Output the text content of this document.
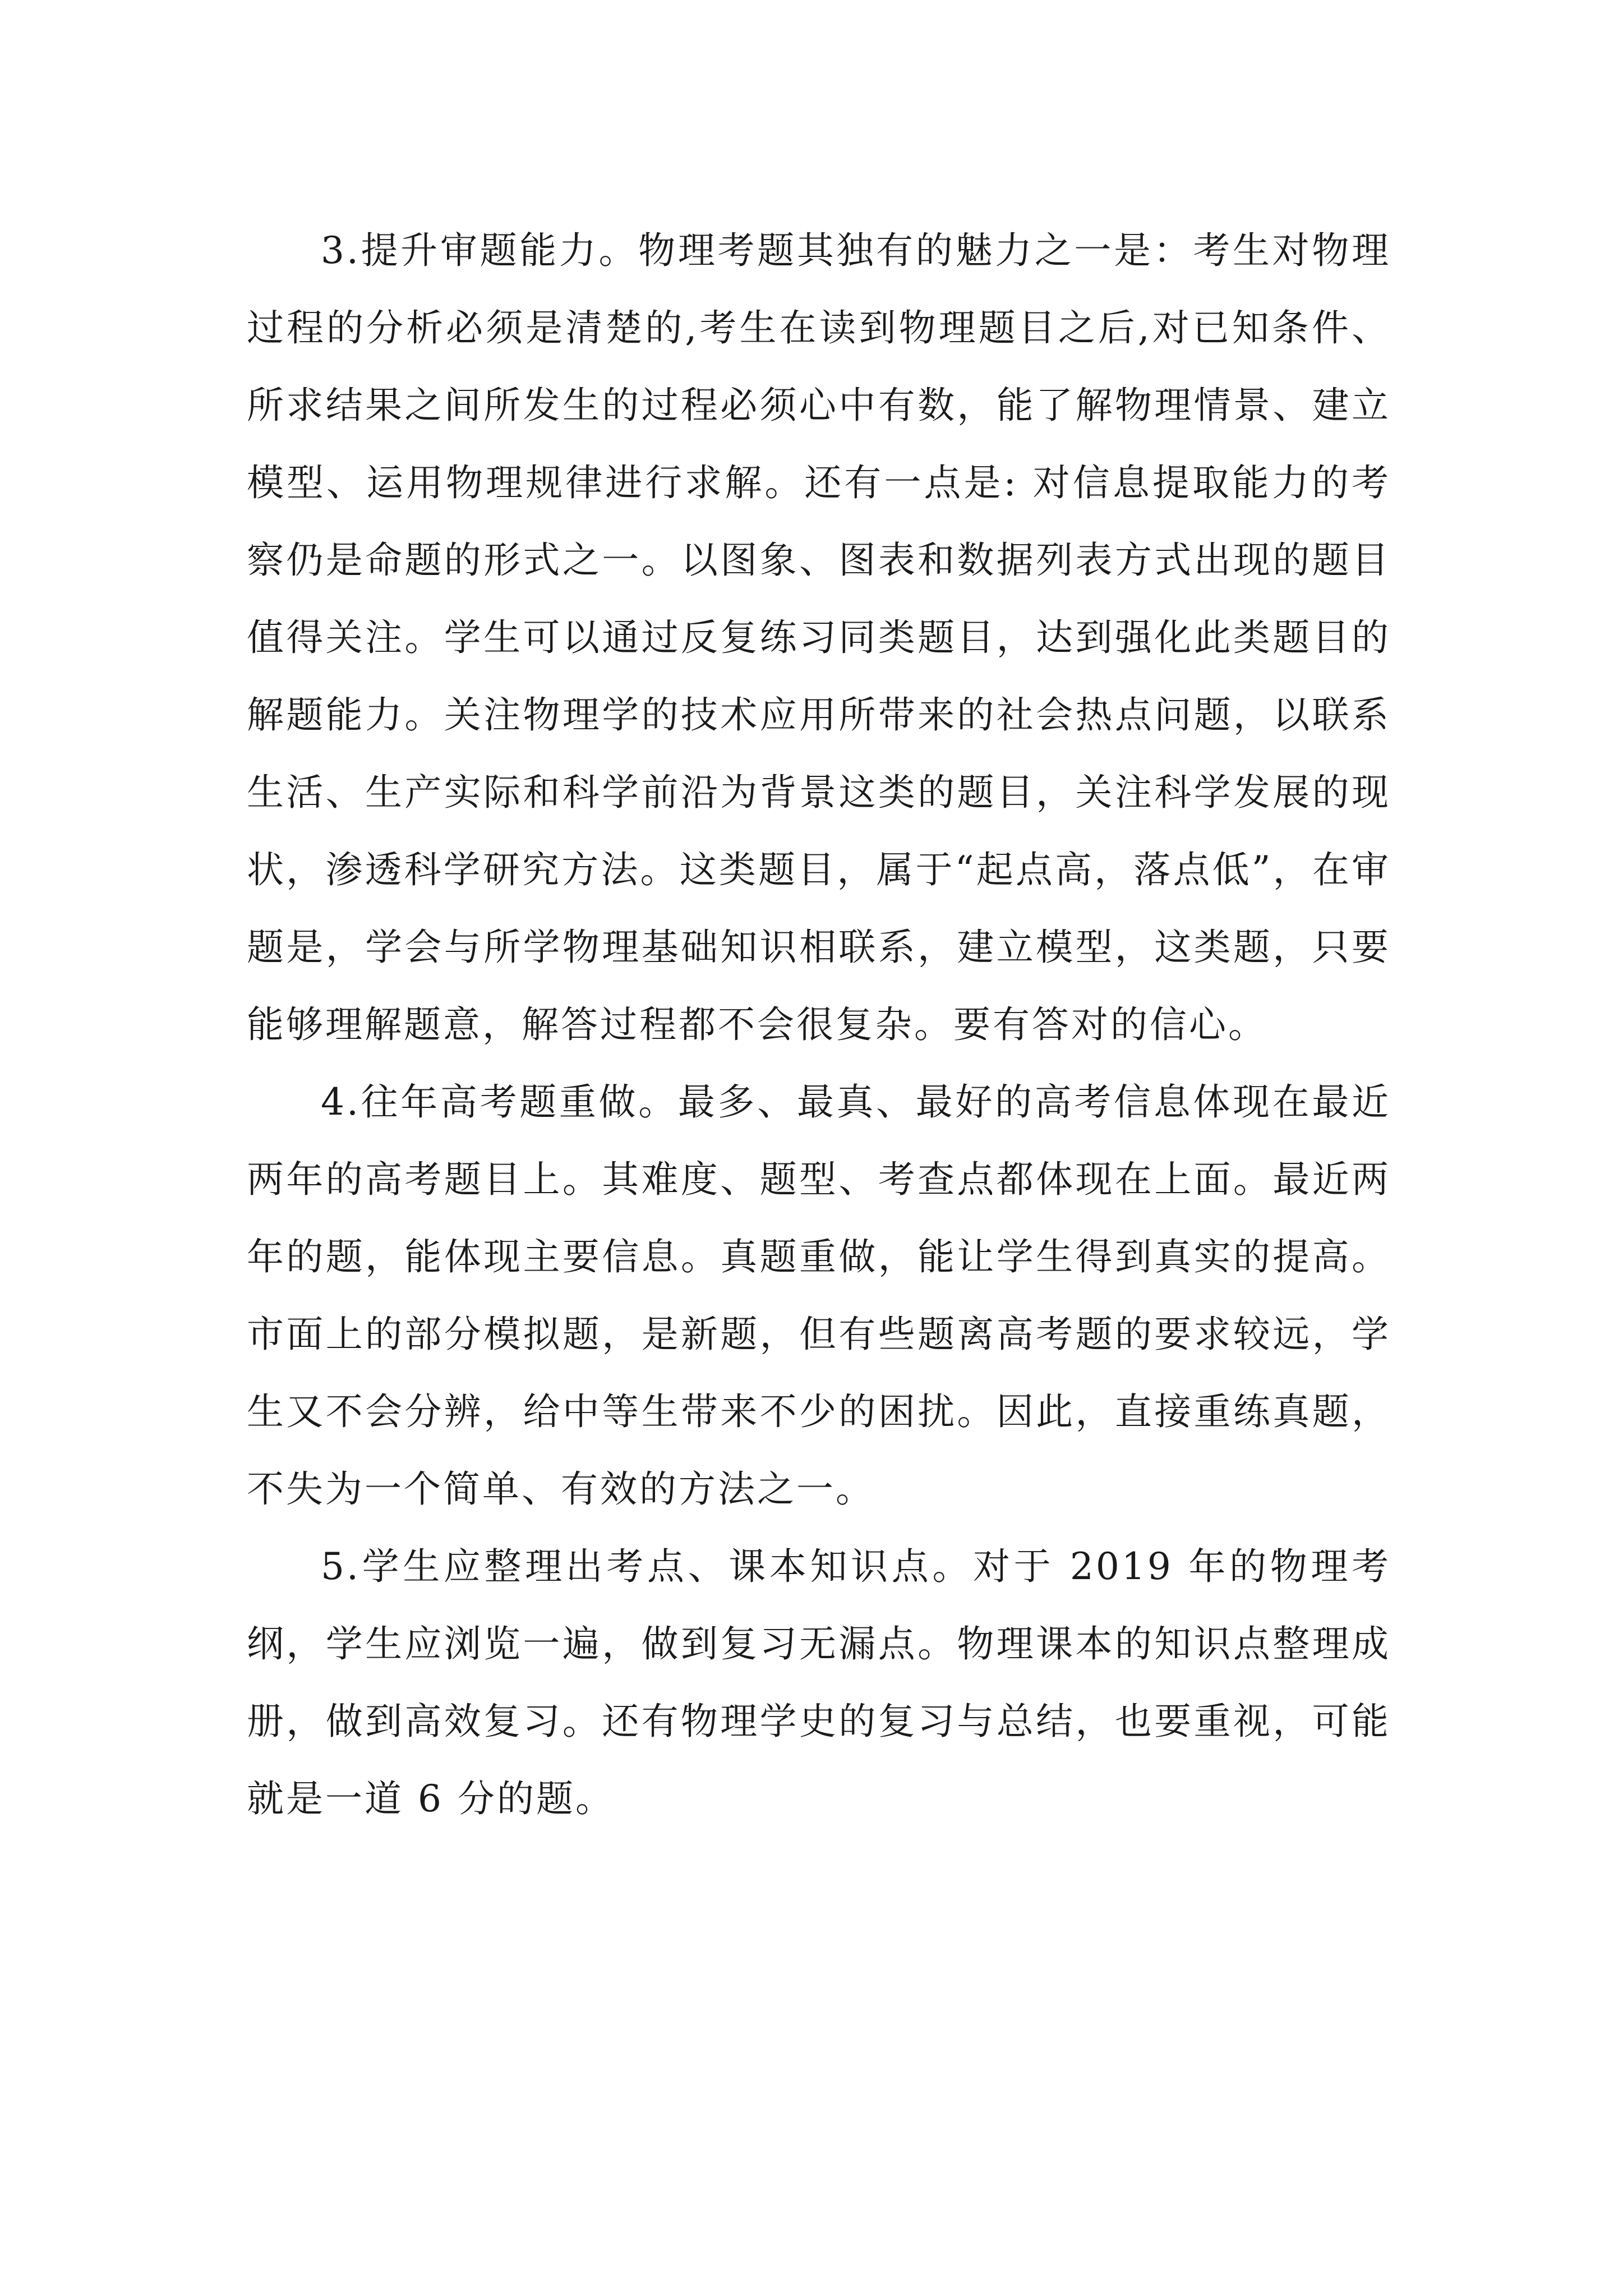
3.提升审题能力。物理考题其独有的魅力之一是：考生对物理过程的分析必须是清楚的,考生在读到物理题目之后,对已知条件、所求结果之间所发生的过程必须心中有数，能了解物理情景、建立模型、运用物理规律进行求解。还有一点是: 对信息提取能力的考察仍是命题的形式之一。以图象、图表和数据列表方式出现的题目值得关注。学生可以通过反复练习同类题目，达到强化此类题目的解题能力。关注物理学的技术应用所带来的社会热点问题，以联系生活、生产实际和科学前沿为背景这类的题目，关注科学发展的现状，渗透科学研究方法。这类题目，属于“起点高，落点低”，在审题是，学会与所学物理基础知识相联系，建立模型，这类题，只要能够理解题意，解答过程都不会很复杂。要有答对的信心。

4.往年高考题重做。最多、最真、最好的高考信息体现在最近两年的高考题目上。其难度、题型、考查点都体现在上面。最近两年的题，能体现主要信息。真题重做，能让学生得到真实的提高。市面上的部分模拟题，是新题，但有些题离高考题的要求较远，学生又不会分辨，给中等生带来不少的困扰。因此，直接重练真题，不失为一个简单、有效的方法之一。

5.学生应整理出考点、课本知识点。对于 2019 年的物理考纲，学生应浏览一遍，做到复习无漏点。物理课本的知识点整理成册，做到高效复习。还有物理学史的复习与总结，也要重视，可能就是一道 6 分的题。
